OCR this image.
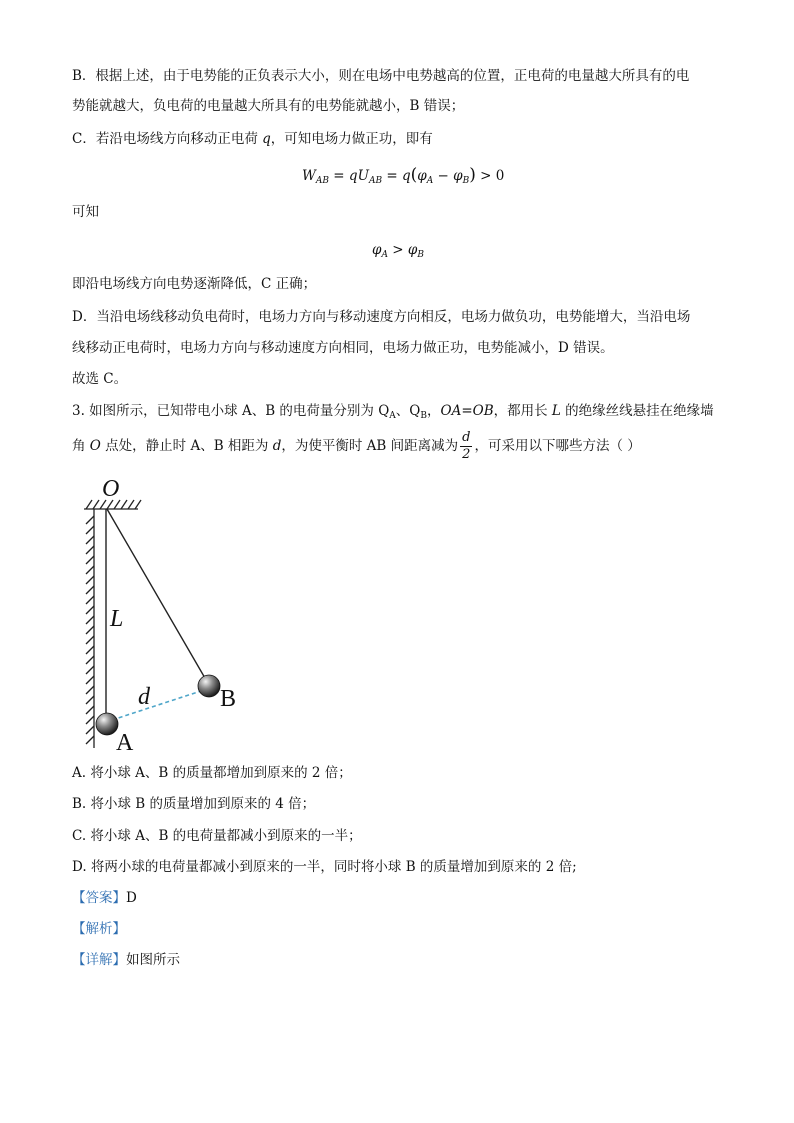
B．根据上述，由于电势能的正负表示大小，则在电场中电势越高的位置，正电荷的电量越大所具有的电
势能就越大，负电荷的电量越大所具有的电势能就越小，B 错误；
C．若沿电场线方向移动正电荷 q，可知电场力做正功，即有
$W_{AB} = qU_{AB} = q(\varphi_A - \varphi_B) > 0$
可知
$\varphi_A > \varphi_B$
即沿电场线方向电势逐渐降低，C 正确；
D．当沿电场线移动负电荷时，电场力方向与移动速度方向相反，电场力做负功，电势能增大，当沿电场
线移动正电荷时，电场力方向与移动速度方向相同，电场力做正功，电势能减小，D 错误。
故选 C。
3. 如图所示，已知带电小球 A、B 的电荷量分别为 $Q_A$、$Q_B$，OA=OB，都用长 L 的绝缘丝线悬挂在绝缘墙
角 O 点处，静止时 A、B 相距为 d，为使平衡时 AB 间距离减为 $\frac{d}{2}$ ，可采用以下哪些方法（ ）
O
L
d
A
B
A. 将小球 A、B 的质量都增加到原来的 2 倍；
B. 将小球 B 的质量增加到原来的 4 倍；
C. 将小球 A、B 的电荷量都减小到原来的一半；
D. 将两小球的电荷量都减小到原来的一半，同时将小球 B 的质量增加到原来的 2 倍;
【答案】D
【解析】
【详解】如图所示
